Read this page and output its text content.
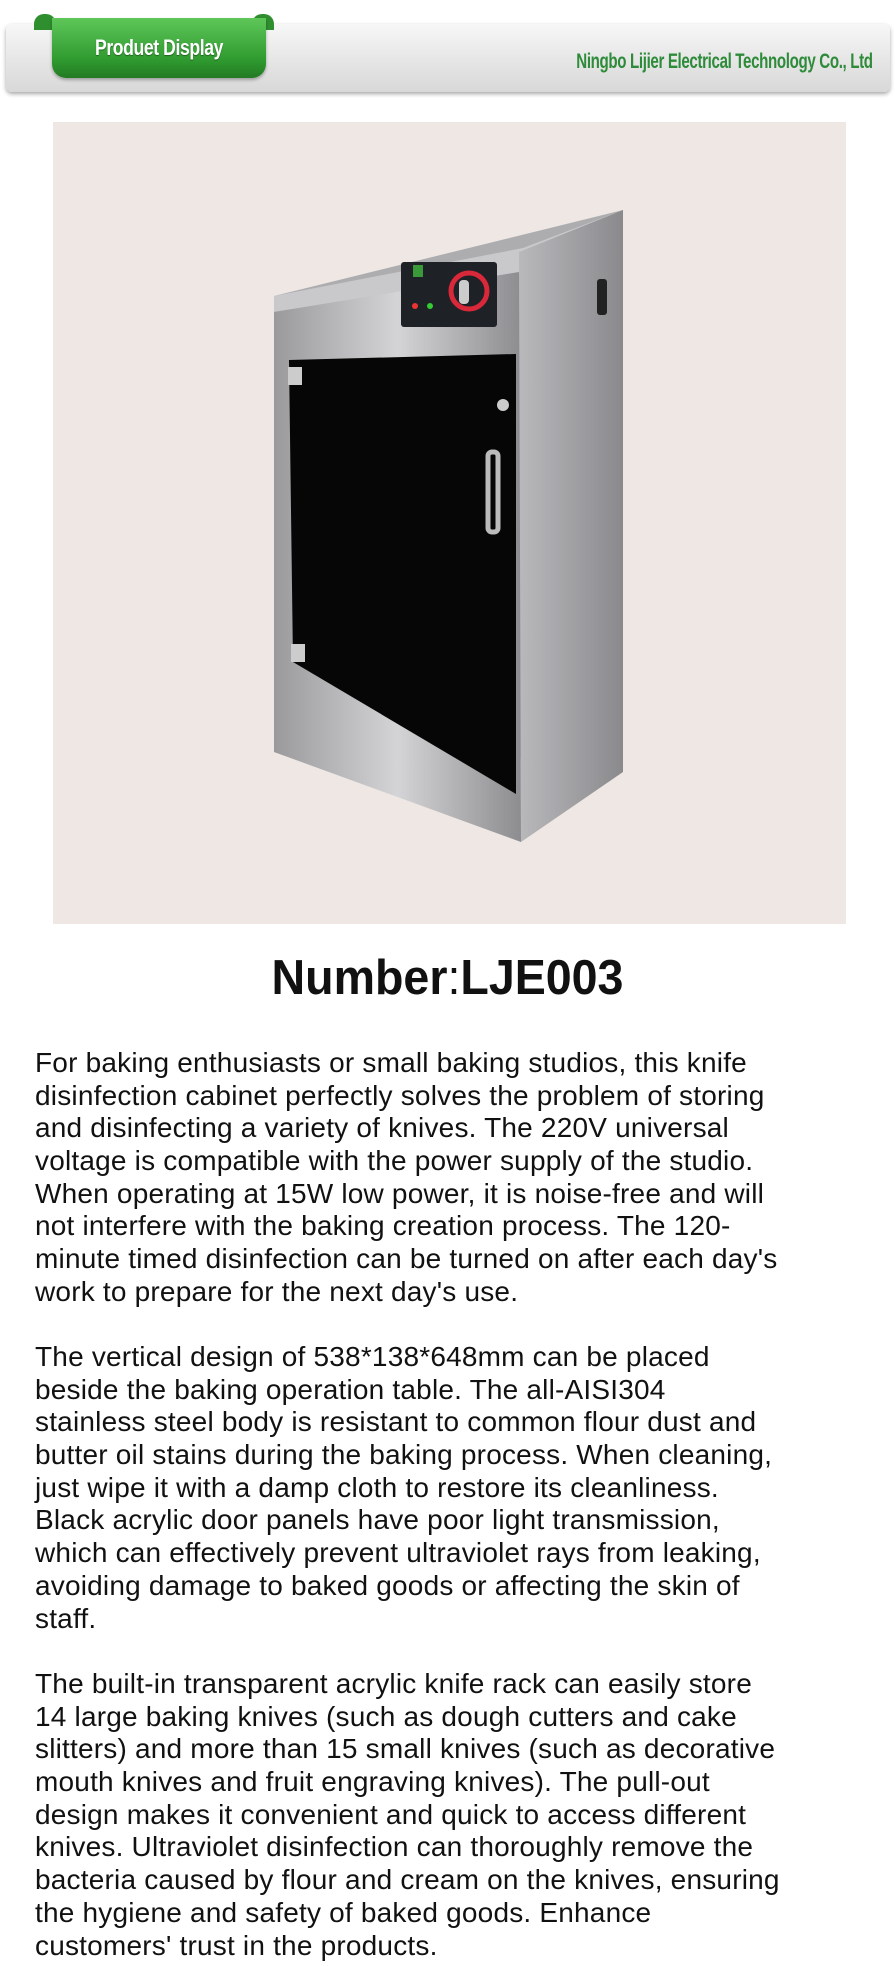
Produet Display
Ningbo Lijier Electrical Technology Co., Ltd
Number:LJE003
For baking enthusiasts or small baking studios, this knife
disinfection cabinet perfectly solves the problem of storing
and disinfecting a variety of knives. The 220V universal
voltage is compatible with the power supply of the studio.
When operating at 15W low power, it is noise-free and will
not interfere with the baking creation process. The 120-
minute timed disinfection can be turned on after each day's
work to prepare for the next day's use.
The vertical design of 538*138*648mm can be placed
beside the baking operation table. The all-AISI304
stainless steel body is resistant to common flour dust and
butter oil stains during the baking process. When cleaning,
just wipe it with a damp cloth to restore its cleanliness.
Black acrylic door panels have poor light transmission,
which can effectively prevent ultraviolet rays from leaking,
avoiding damage to baked goods or affecting the skin of
staff.
The built-in transparent acrylic knife rack can easily store
14 large baking knives (such as dough cutters and cake
slitters) and more than 15 small knives (such as decorative
mouth knives and fruit engraving knives). The pull-out
design makes it convenient and quick to access different
knives. Ultraviolet disinfection can thoroughly remove the
bacteria caused by flour and cream on the knives, ensuring
the hygiene and safety of baked goods. Enhance
customers' trust in the products.
